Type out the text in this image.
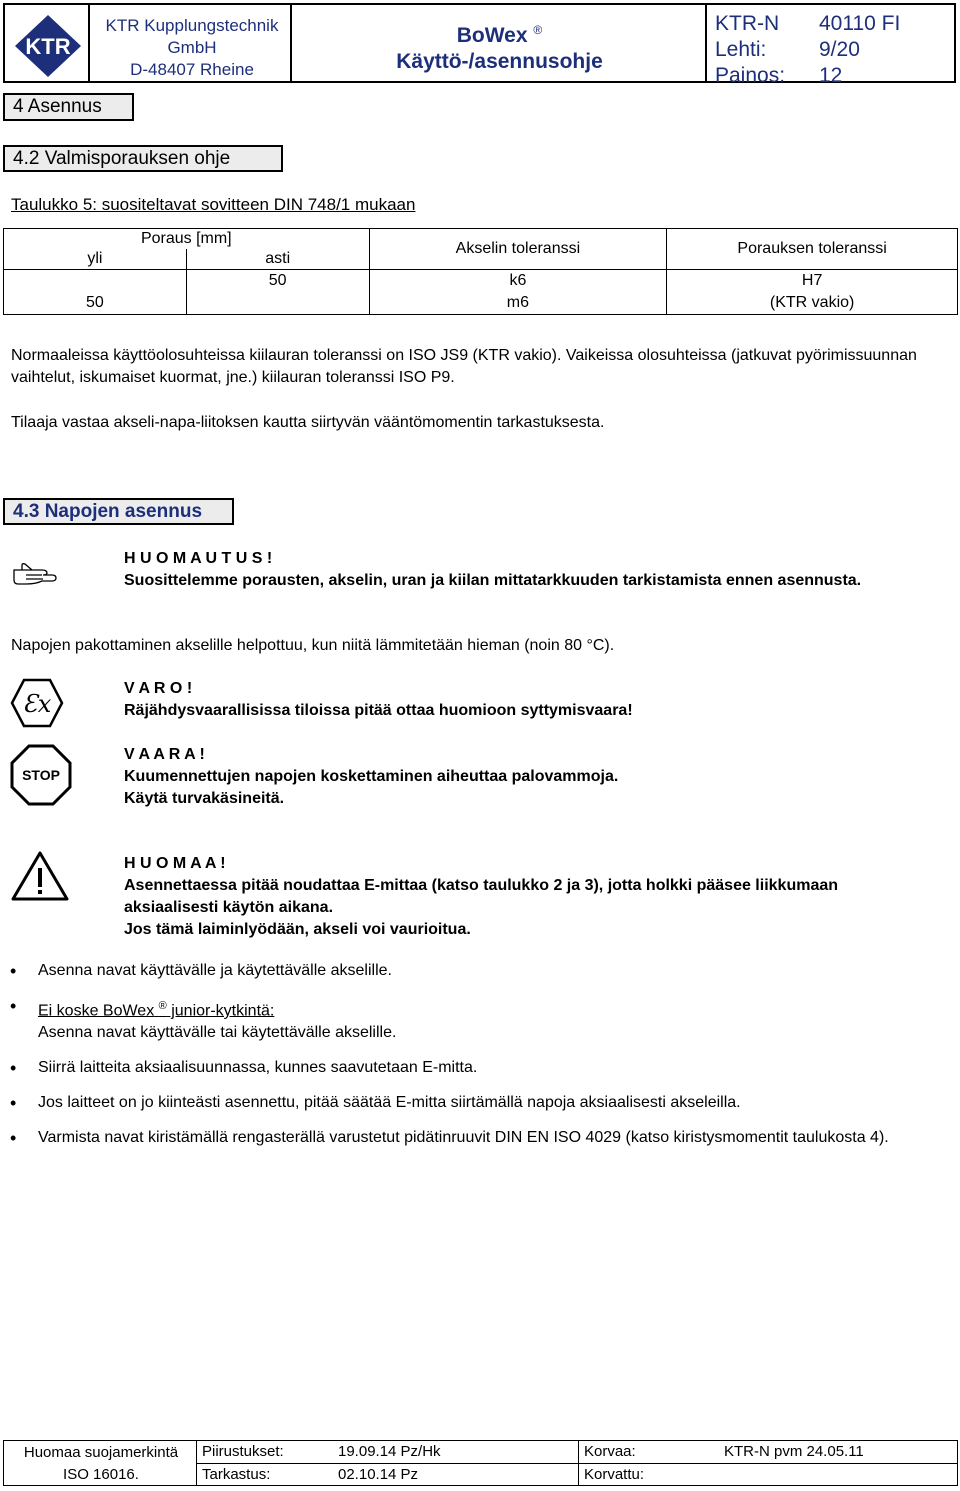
KTR
KTR Kupplungstechnik
GmbH
D-48407 Rheine
BoWex ®
Käyttö-/asennusohje
KTR-N 40110 FI
Lehti:	9/20
Painos: 12
4 Asennus
4.2 Valmisporauksen ohje
Taulukko 5: suositeltavat sovitteen DIN 748/1 mukaan
Poraus [mm]		Akselin toleranssi	Porauksen toleranssi
yli	asti		
	50	k6	H7
50		m6	(KTR vakio)

Normaaleissa käyttöolosuhteissa kiilauran toleranssi on ISO JS9 (KTR vakio). Vaikeissa olosuhteissa (jatkuvat pyörimissuunnan vaihtelut, iskumaiset kuormat, jne.) kiilauran toleranssi ISO P9.

Tilaaja vastaa akseli-napa-liitoksen kautta siirtyvän vääntömomentin tarkastuksesta.

4.3 Napojen asennus
H U O M A U T U S !
Suosittelemme porausten, akselin, uran ja kiilan mittatarkkuuden tarkistamista ennen asennusta.

Napojen pakottaminen akselille helpottuu, kun niitä lämmitetään hieman (noin 80 °C).

Ɛx
V A R O !
Räjähdysvaarallisissa tiloissa pitää ottaa huomioon syttymisvaara!
STOP
V A A R A !
Kuumennettujen napojen koskettaminen aiheuttaa palovammoja.
Käytä turvakäsineitä.
H U O M A A !
Asennettaessa pitää noudattaa E-mittaa (katso taulukko 2 ja 3), jotta holkki pääsee liikkumaan aksiaalisesti käytön aikana.
Jos tämä laiminlyödään, akseli voi vaurioitua.
• Asenna navat käyttävälle ja käytettävälle akselille.
• Ei koske BoWex ® junior-kytkintä:
Asenna navat käyttävälle tai käytettävälle akselille.
• Siirrä laitteita aksiaalisuunnassa, kunnes saavutetaan E-mitta.
• Jos laitteet on jo kiinteästi asennettu, pitää säätää E-mitta siirtämällä napoja aksiaalisesti akseleilla.
• Varmista navat kiristämällä rengasterällä varustetut pidätinruuvit DIN EN ISO 4029 (katso kiristysmomentit taulukosta 4).
Huomaa suojamerkintä
ISO 16016.
Piirustukset:	19.09.14 Pz/Hk
Tarkastus:	02.10.14 Pz
Korvaa:	KTR-N pvm 24.05.11
Korvattu:
